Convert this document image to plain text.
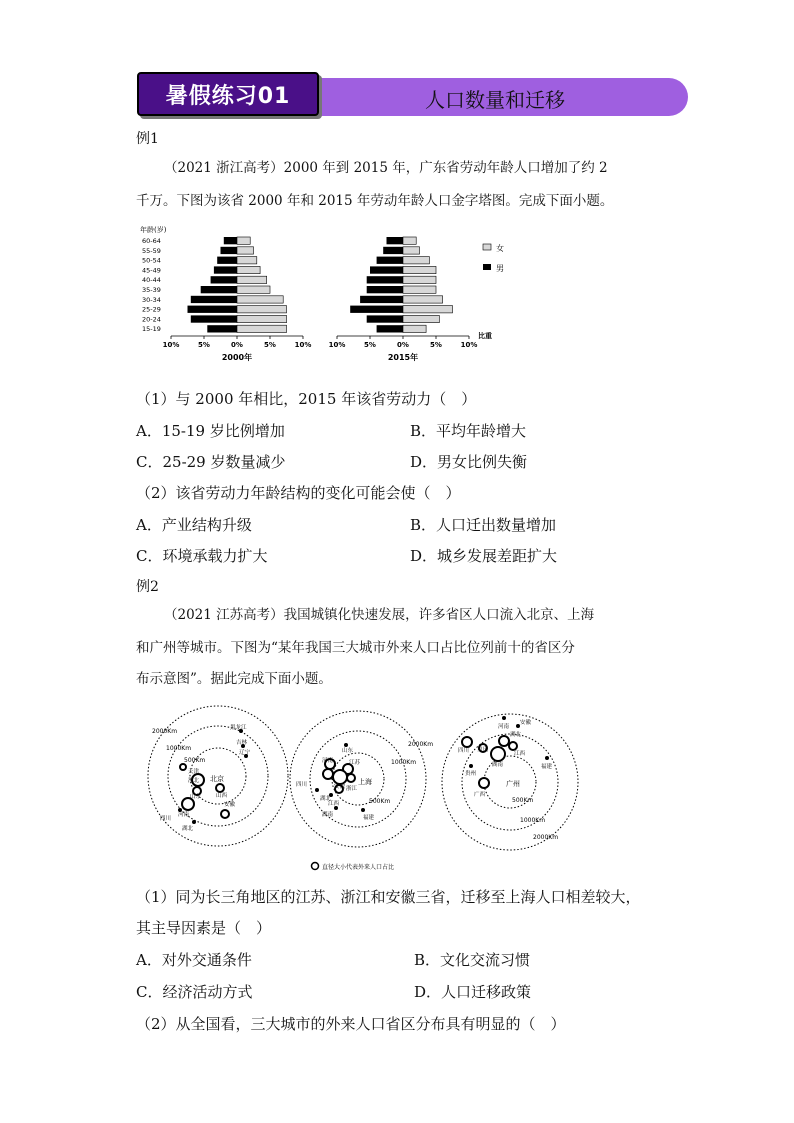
暑假练习01	人口数量和迁移
例1
（2021 浙江高考）2000 年到 2015 年，广东省劳动年龄人口增加了约 2
千万。下图为该省 2000 年和 2015 年劳动年龄人口金字塔图。完成下面小题。
年龄(岁)
60-64
55-59
50-54
45-49
40-44
35-39
30-34
25-29
20-24
15-19
10%	5%	0%	5%	10%
2000年
10%	5%	0%	5%	10%
2015年
比重
女
男
（1）与 2000 年相比，2015 年该省劳动力（　）
A．15-19 岁比例增加	B．平均年龄增大
C．25-29 岁数量减少	D．男女比例失衡
（2）该省劳动力年龄结构的变化可能会使（　）
A．产业结构升级	B．人口迁出数量增加
C．环境承载力扩大	D．城乡发展差距扩大
例2
（2021 江苏高考）我国城镇化快速发展，许多省区人口流入北京、上海
和广州等城市。下图为“某年我国三大城市外来人口占比位列前十的省区分
布示意图”。据此完成下面小题。
2000Km
1000Km
500Km
2000Km
1000Km
500Km
2000Km
1000Km
500Km
北京	上海	广州
黑龙江
吉林
辽宁
天津
河北
山西
山东
河南
四川
湖北
安徽
山东
河南	江苏
安徽
四川
湖北
浙江
江西
湖南	福建
河南
安徽
四川 重庆
湖北
湖南
江西
福建
广西
贵州
直径大小代表外来人口占比
（1）同为长三角地区的江苏、浙江和安徽三省，迁移至上海人口相差较大，
其主导因素是（　）
A．对外交通条件	B．文化交流习惯
C．经济活动方式	D．人口迁移政策
（2）从全国看，三大城市的外来人口省区分布具有明显的（　）
